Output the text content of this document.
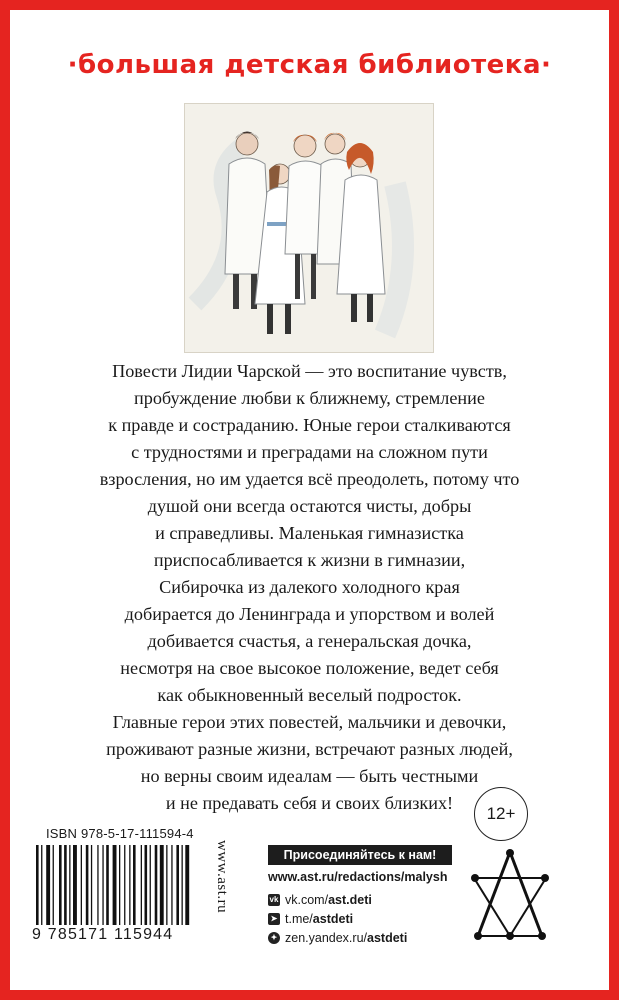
·большая детская библиотека·

Повести Лидии Чарской — это воспитание чувств,
пробуждение любви к ближнему, стремление
к правде и состраданию. Юные герои сталкиваются
с трудностями и преградами на сложном пути
взросления, но им удается всё преодолеть, потому что
душой они всегда остаются чисты, добры
и справедливы. Маленькая гимназистка
приспосабливается к жизни в гимназии,
Сибирочка из далекого холодного края
добирается до Ленинграда и упорством и волей
добивается счастья, а генеральская дочка,
несмотря на свое высокое положение, ведет себя
как обыкновенный веселый подросток.
Главные герои этих повестей, мальчики и девочки,
проживают разные жизни, встречают разных людей,
но верны своим идеалам — быть честными
и не предавать себя и своих близких!

12+
ISBN 978-5-17-111594-4
9 785171 115944
www.ast.ru	Присоединяйтесь к нам!
www.ast.ru/redactions/malysh
vk vk.com/ ast.deti
➤ t.me/ astdeti
✦ zen.yandex.ru/ astdeti
